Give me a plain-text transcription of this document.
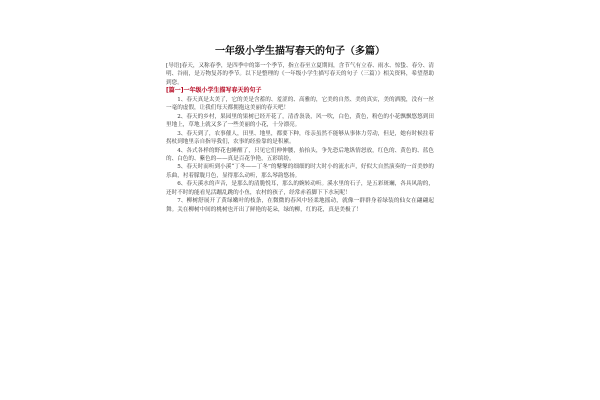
一年级小学生描写春天的句子（多篇）

[导语]春天，又称春季，是四季中的第一个季节，指立春至立夏期间，含节气有立春、雨水、惊蛰、春分、清明、谷雨，是万物复苏的季节。以下是整理的《一年级小学生描写春天的句子（三篇）》相关资料，希望帮助到您。

[篇一]一年级小学生描写春天的句子

1、春天真是太美了，它的美是含蓄的、羞涩的、高雅的，它美的自然、美的真实，美的洒脱，没有一丝一毫的虚假，让我们每天都拥抱这美丽的春天吧！

2、春天的乡村，果园里的果树已经开花了，清香袅袅，风一吹，白色，黄色，粉色的小花飘飘悠悠到田里地上，草地上就又多了一些美丽的小花，十分漂亮。

3、春天到了，农事催人，田里、地里，都要下种，母亲虽然不能够从事体力劳动，但是，她有时候拄着拐杖到地里亲自指导我们，农事的经验靠的是积累。

4、各式各样的野花也睡醒了，只见它们伸伸腰，抬抬头，争先恐后地纵情怒放，红色的、黄色的、蓝色的、白色的、紫色的——真是百花争艳，五彩缤纷。

5、春天时而听到小溪“丁冬——丁冬”的鼕鼕的细细的时大时小的流水声，好似大自然演奏的一首美妙的乐曲，衬着朦胧月色，显得那么动听，那么琴韵悠扬。

6、春天溪水的声音，是那么的清脆悦耳，那么的婉转动听。溪水里的石子，是五彩斑斓，各具风韵的，还时不时的能看见活蹦乱跳的小鱼，农村的孩子，经常赤着脚下下水玩呢！

7、柳树舒展开了黄绿嫩叶的枝条，在微微的春风中轻柔地摇动，就像一群群身着绿装的仙女在翩翩起舞。关在柳树中间的桃树也开出了鲜艳的花朵，绿的柳，红的花，真是美极了！
